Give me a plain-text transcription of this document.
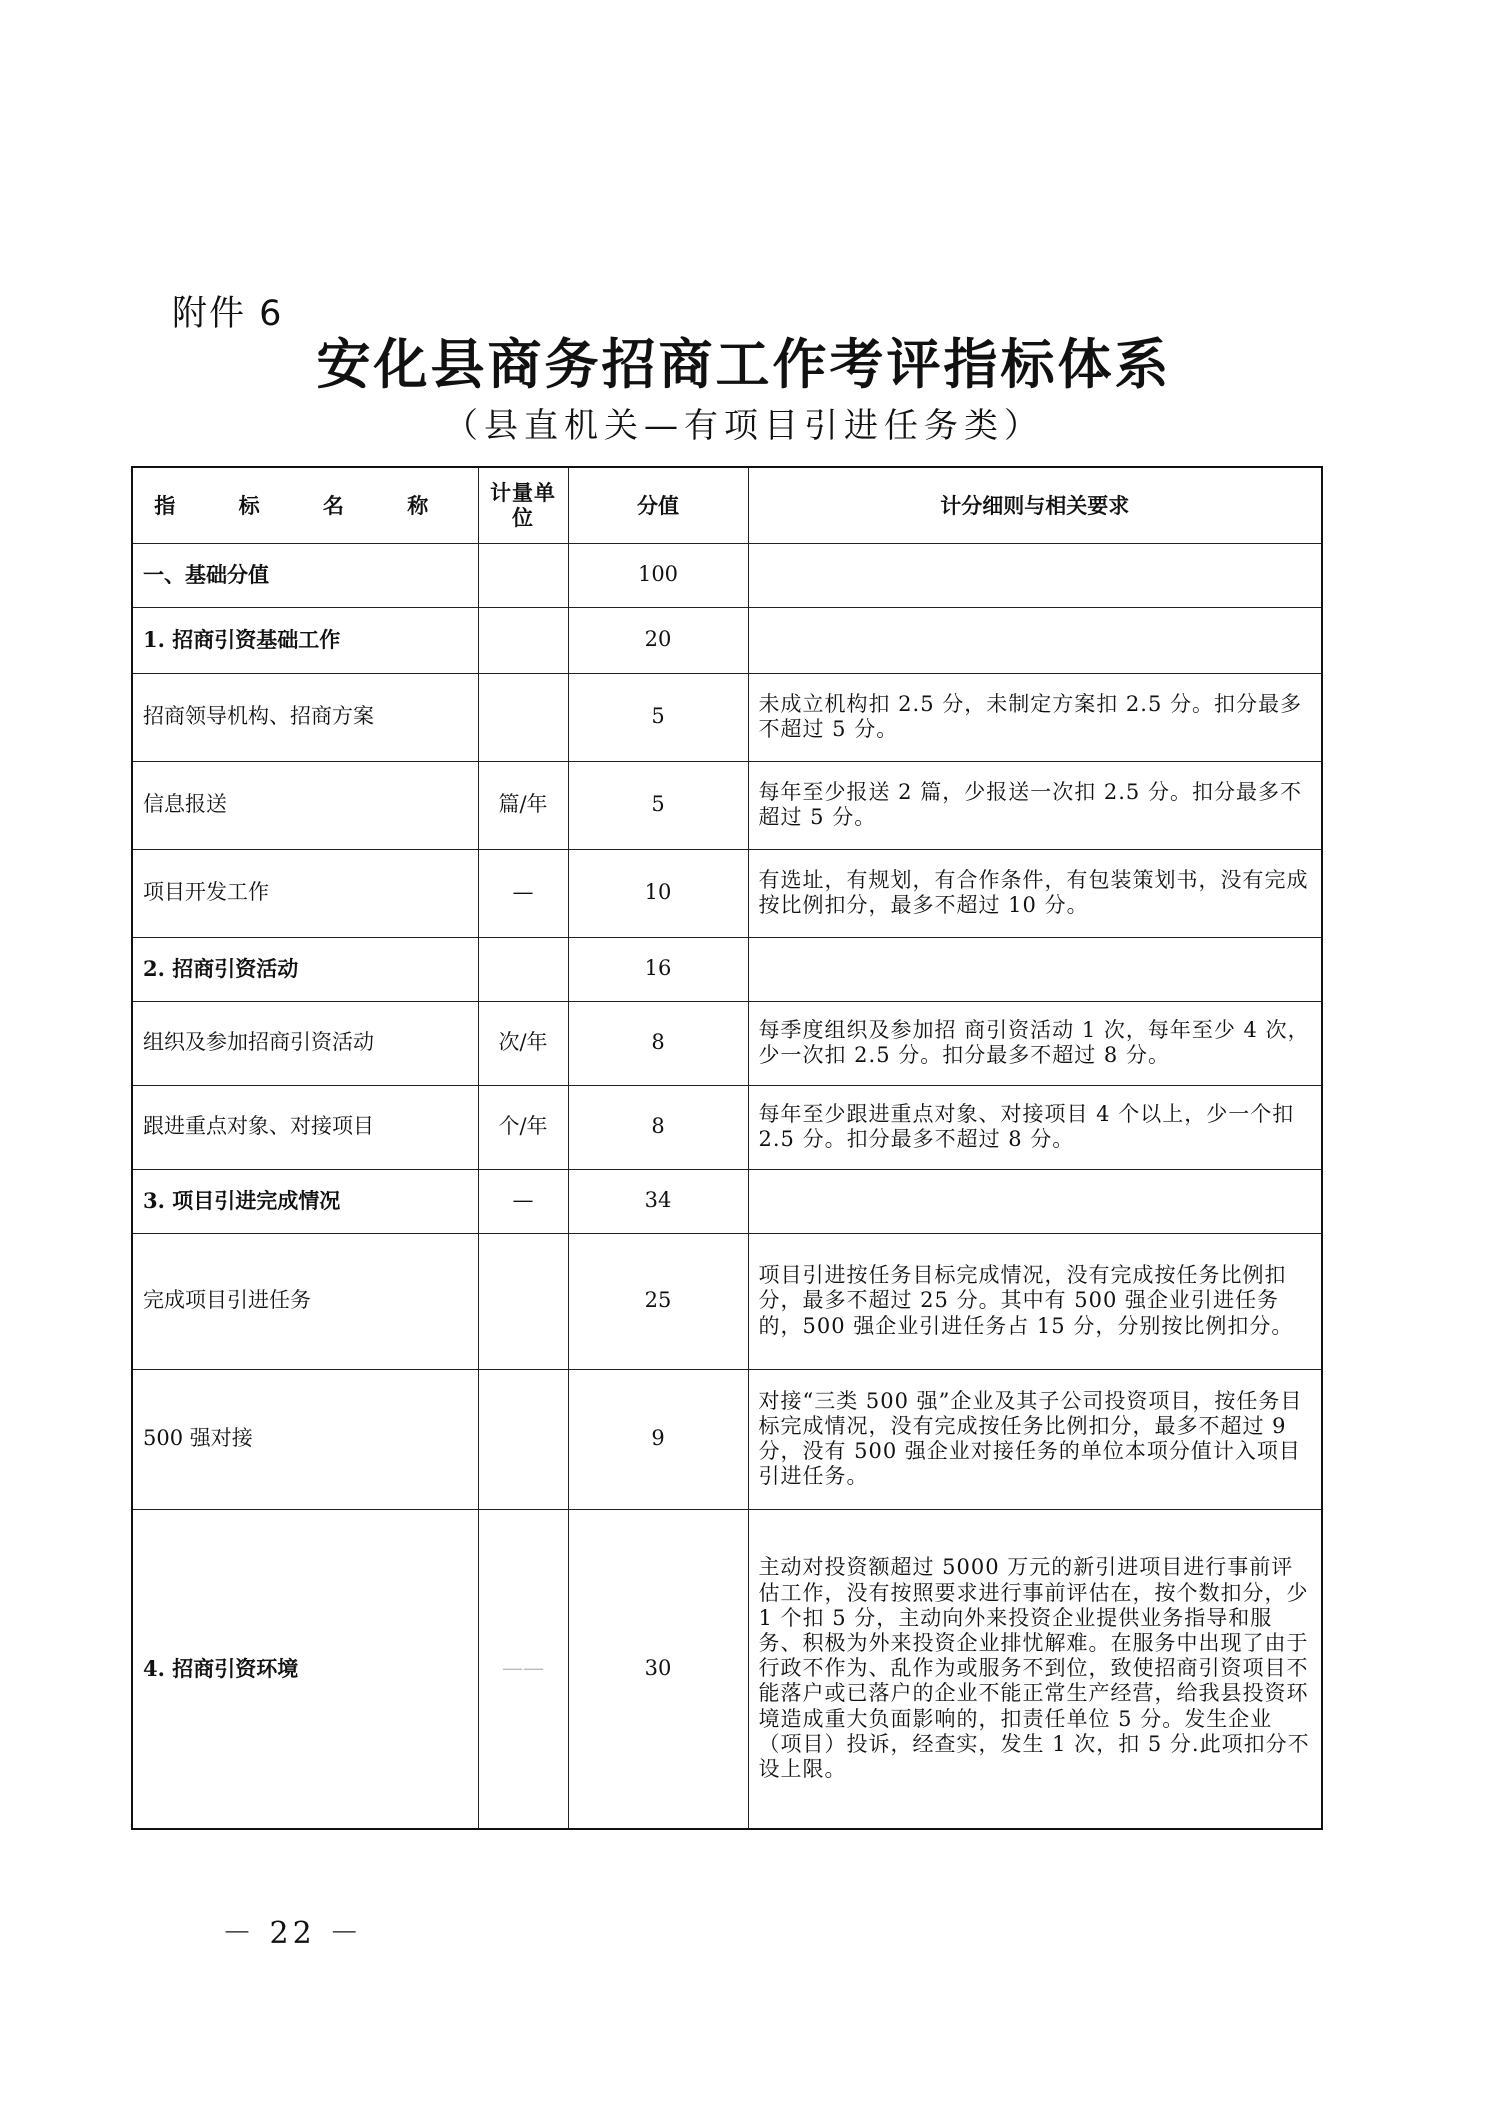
附件 6
安化县商务招商工作考评指标体系
（县直机关—有项目引进任务类）
指 标 名 称	计量单位	分值	计分细则与相关要求
一、基础分值		100	
1. 招商引资基础工作		20	
招商领导机构、招商方案		5	未成立机构扣 2.5 分，未制定方案扣 2.5 分。扣分最多不超过 5 分。
信息报送	篇/年	5	每年至少报送 2 篇，少报送一次扣 2.5 分。扣分最多不超过 5 分。
项目开发工作	—	10	有选址，有规划，有合作条件，有包装策划书，没有完成按比例扣分，最多不超过 10 分。
2. 招商引资活动		16	
组织及参加招商引资活动	次/年	8	每季度组织及参加招 商引资活动 1 次，每年至少 4 次，少一次扣 2.5 分。扣分最多不超过 8 分。
跟进重点对象、对接项目	个/年	8	每年至少跟进重点对象、对接项目 4 个以上，少一个扣 2.5 分。扣分最多不超过 8 分。
3. 项目引进完成情况	—	34	
完成项目引进任务		25	项目引进按任务目标完成情况，没有完成按任务比例扣分，最多不超过 25 分。其中有 500 强企业引进任务的，500 强企业引进任务占 15 分，分别按比例扣分。
500 强对接		9	对接“三类 500 强”企业及其子公司投资项目，按任务目标完成情况，没有完成按任务比例扣分，最多不超过 9 分，没有 500 强企业对接任务的单位本项分值计入项目引进任务。
4. 招商引资环境	——	30	主动对投资额超过 5000 万元的新引进项目进行事前评估工作，没有按照要求进行事前评估在，按个数扣分，少 1 个扣 5 分，主动向外来投资企业提供业务指导和服务、积极为外来投资企业排忧解难。在服务中出现了由于行政不作为、乱作为或服务不到位，致使招商引资项目不能落户或已落户的企业不能正常生产经营，给我县投资环境造成重大负面影响的，扣责任单位 5 分。发生企业（项目）投诉，经查实，发生 1 次，扣 5 分.此项扣分不设上限。
－ 22 －
